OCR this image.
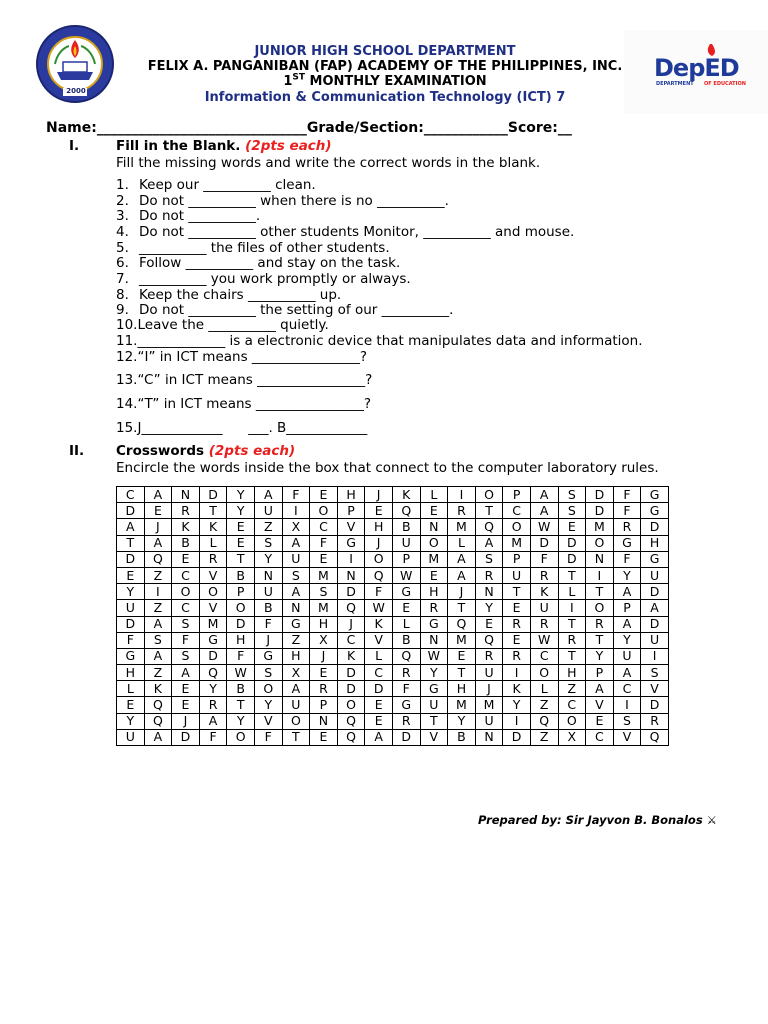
2000
JUNIOR HIGH SCHOOL DEPARTMENT
FELIX A. PANGANIBAN (FAP) ACADEMY OF THE PHILIPPINES, INC.
1ST MONTHLY EXAMINATION
Information & Communication Technology (ICT) 7
DepED
DEPARTMENT OF EDUCATION
Name:______________________________Grade/Section:____________Score:__
I.	Fill in the Blank. (2pts each)
Fill the missing words and write the correct words in the blank.
1. Keep our __________ clean.
2. Do not __________ when there is no __________.
3. Do not __________.
4. Do not __________ other students Monitor, __________ and mouse.
5. __________ the files of other students.
6. Follow __________ and stay on the task.
7. __________ you work promptly or always.
8. Keep the chairs __________ up.
9. Do not __________ the setting of our __________.
10.Leave the __________ quietly.
11._____________ is a electronic device that manipulates data and information.
12.“I” in ICT means ________________?
13.“C” in ICT means ________________?
14.“T” in ICT means ________________?
15.J____________      ___. B____________
II. Crosswords (2pts each)
Encircle the words inside the box that connect to the computer laboratory rules.
C	A	N	D	Y	A	F	E	H	J	K	L	I	O	P	A	S	D	F	G
D	E	R	T	Y	U	I	O	P	E	Q	E	R	T	C	A	S	D	F	G
A	J	K	K	E	Z	X	C	V	H	B	N	M	Q	O	W	E	M	R	D
T	A	B	L	E	S	A	F	G	J	U	O	L	A	M	D	D	O	G	H
D	Q	E	R	T	Y	U	E	I	O	P	M	A	S	P	F	D	N	F	G
E	Z	C	V	B	N	S	M	N	Q	W	E	A	R	U	R	T	I	Y	U
Y	I	O	O	P	U	A	S	D	F	G	H	J	N	T	K	L	T	A	D
U	Z	C	V	O	B	N	M	Q	W	E	R	T	Y	E	U	I	O	P	A
D	A	S	M	D	F	G	H	J	K	L	G	Q	E	R	R	T	R	A	D
F	S	F	G	H	J	Z	X	C	V	B	N	M	Q	E	W	R	T	Y	U
G	A	S	D	F	G	H	J	K	L	Q	W	E	R	R	C	T	Y	U	I
H	Z	A	Q	W	S	X	E	D	C	R	Y	T	U	I	O	H	P	A	S
L	K	E	Y	B	O	A	R	D	D	F	G	H	J	K	L	Z	A	C	V
E	Q	E	R	T	Y	U	P	O	E	G	U	M	M	Y	Z	C	V	I	D
Y	Q	J	A	Y	V	O	N	Q	E	R	T	Y	U	I	Q	O	E	S	R
U	A	D	F	O	F	T	E	Q	A	D	V	B	N	D	Z	X	C	V	Q
Prepared by: Sir Jayvon B. Bonalos ⚔
